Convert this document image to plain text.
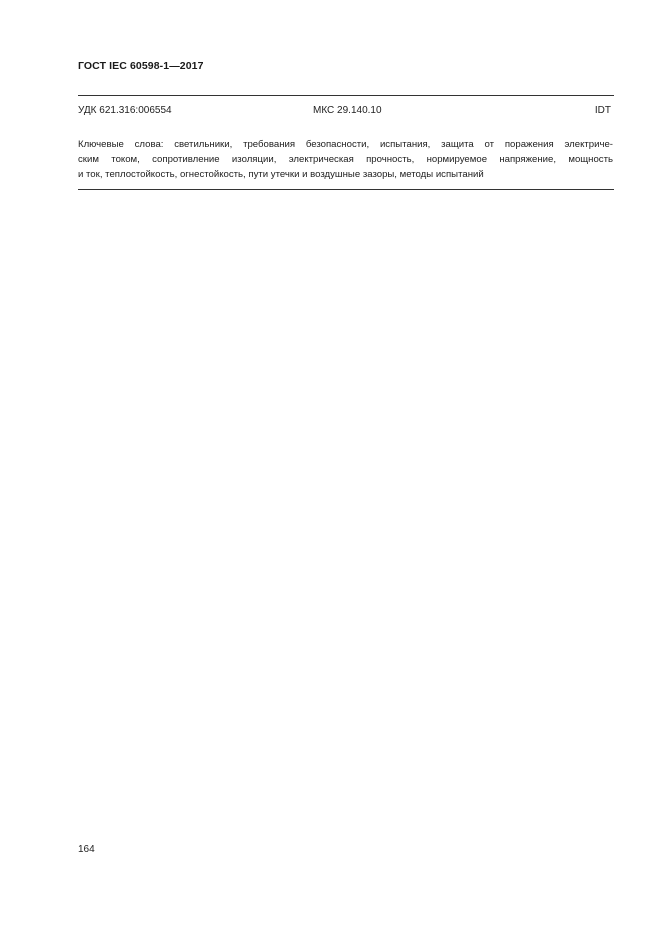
ГОСТ IEC 60598-1—2017
УДК 621.316:006554	МКС 29.140.10	IDT
Ключевые слова: светильники, требования безопасности, испытания, защита от поражения электриче-
ским током, сопротивление изоляции, электрическая прочность, нормируемое напряжение, мощность
и ток, теплостойкость, огнестойкость, пути утечки и воздушные зазоры, методы испытаний
164
